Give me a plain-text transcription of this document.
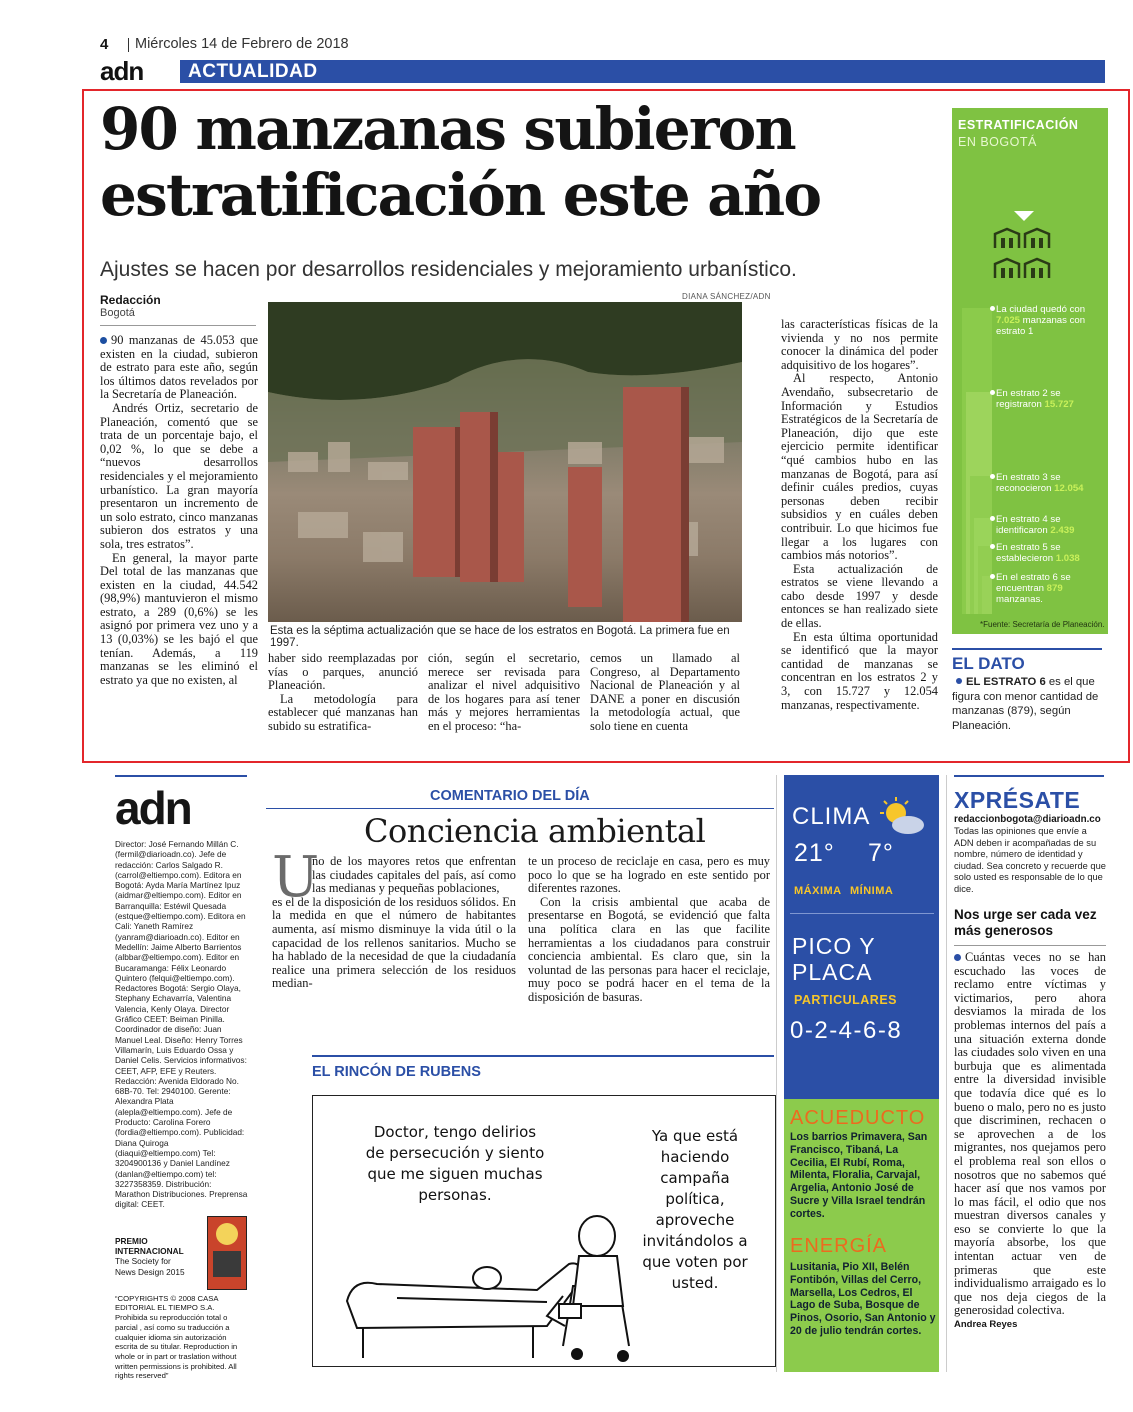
4 Miércoles 14 de Febrero de 2018
adn	ACTUALIDAD
90 manzanas subieron
estratificación este año
Ajustes se hacen por desarrollos residenciales y mejoramiento urbanístico.
Redacción
Bogotá

90 manzanas de 45.053 que existen en la ciudad, subieron de estrato para este año, según los últimos datos revelados por la Secretaría de Planeación.

Andrés Ortiz, secretario de Planeación, comentó que se trata de un porcentaje bajo, el 0,02 %, lo que se debe a “nuevos desarrollos residenciales y el mejoramiento urbanístico. La gran mayoría presentaron un incremento de un solo estrato, cinco manzanas subieron dos estratos y una sola, tres estratos”.

En general, la mayor parte Del total de las manzanas que existen en la ciudad, 44.542 (98,9%) mantuvieron el mismo estrato, a 289 (0,6%) se les asignó por primera vez uno y a 13 (0,03%) se les bajó el que tenían. Además, a 119 manzanas se les eliminó el estrato ya que no existen, al

DIANA SÁNCHEZ/ADN
Esta es la séptima actualización que se hace de los estratos en Bogotá. La primera fue en 1997.

haber sido reemplazadas por vías o parques, anunció Planeación.

La metodología para establecer qué manzanas han subido su estratifica-

ción, según el secretario, merece ser revisada para analizar el nivel adquisitivo de los hogares para así tener más y mejores herramientas en el proceso: “ha-

cemos un llamado al Congreso, al Departamento Nacional de Planeación y al DANE a poner en discusión la metodología actual, que solo tiene en cuenta

las características físicas de la vivienda y no nos permite conocer la dinámica del poder adquisitivo de los hogares”.

Al respecto, Antonio Avendaño, subsecretario de Información y Estudios Estratégicos de la Secretaría de Planeación, dijo que este ejercicio permite identificar “qué cambios hubo en las manzanas de Bogotá, para así definir cuáles predios, cuyas personas deben recibir subsidios y en cuáles deben contribuir. Lo que hicimos fue llegar a los lugares con cambios más notorios”.

Esta actualización de estratos se viene llevando a cabo desde 1997 y desde entonces se han realizado siete de ellas.

En esta última oportunidad se identificó que la mayor cantidad de manzanas se concentran en los estratos 2 y 3, con 15.727 y 12.054 manzanas, respectivamente.

ESTRATIFICACIÓN
EN BOGOTÁ
La ciudad quedó con 7.025 manzanas con estrato 1
En estrato 2 se registraron 15.727
En estrato 3 se reconocieron 12.054
En estrato 4 se identificaron 2.439
En estrato 5 se establecieron 1.038
En el estrato 6 se encuentran 879 manzanas.
*Fuente: Secretaría de Planeación.
EL DATO
EL ESTRATO 6 es el que figura con menor cantidad de manzanas (879), según Planeación.
adn
Director: José Fernando Millán C. (fermil@diarioadn.co). Jefe de redacción: Carlos Salgado R. (carrol@eltiempo.com). Editora en Bogotá: Ayda María Martínez Ipuz (aidmar@eltiempo.com). Editor en Barranquilla: Estéwil Quesada (estque@eltiempo.com). Editora en Cali: Yaneth Ramírez (yanram@diarioadn.co). Editor en Medellín: Jaime Alberto Barrientos (albbar@eltiempo.com). Editor en Bucaramanga: Félix Leonardo Quintero (felqui@eltiempo.com). Redactores Bogotá: Sergio Olaya, Stephany Echavarría, Valentina Valencia, Kenly Olaya. Director Gráfico CEET: Beiman Pinilla. Coordinador de diseño: Juan Manuel Leal. Diseño: Henry Torres Villamarín, Luis Eduardo Ossa y Daniel Celis. Servicios informativos: CEET, AFP, EFE y Reuters. Redacción: Avenida Eldorado No. 68B-70. Tel: 2940100. Gerente: Alexandra Plata (alepla@eltiempo.com). Jefe de Producto: Carolina Forero (fordia@eltiempo.com). Publicidad: Diana Quiroga (diaqui@eltiempo.com) Tel: 3204900136 y Daniel Landínez (danlan@eltiempo.com) tel: 3227358359. Distribución: Marathon Distribuciones. Preprensa digital: CEET.
PREMIO
INTERNACIONAL
The Society for
News Design 2015
“COPYRIGHTS © 2008 CASA EDITORIAL EL TIEMPO S.A. Prohibida su reproducción total o parcial , así como su traducción a cualquier idioma sin autorización escrita de su titular. Reproduction in whole or in part or traslation without written permissions is prohibited. All rights reserved”
COMENTARIO DEL DÍA
Conciencia ambiental
U

no de los mayores retos que enfrentan las ciudades capitales del país, así como las medianas y pequeñas poblaciones,

es el de la disposición de los residuos sólidos. En la medida en que el número de habitantes aumenta, así mismo disminuye la vida útil o la capacidad de los rellenos sanitarios. Mucho se ha hablado de la necesidad de que la ciudadanía realice una primera selección de los residuos median-

te un proceso de reciclaje en casa, pero es muy poco lo que se ha logrado en este sentido por diferentes razones.

Con la crisis ambiental que acaba de presentarse en Bogotá, se evidenció que falta una política clara en las que facilite herramientas a los ciudadanos para construir conciencia ambiental. Es claro que, sin la voluntad de las personas para hacer el reciclaje, muy poco se podrá hacer en el tema de la disposición de basuras.

EL RINCÓN DE RUBENS
Doctor, tengo delirios de persecución y siento que me siguen muchas personas.
Ya que está haciendo campaña política, aproveche invitándolos a que voten por usted.
CLIMA
21° 7°
MÁXIMA MÍNIMA
PICO Y
PLACA
PARTICULARES
0-2-4-6-8
ACUEDUCTO
Los barrios Primavera, San Francisco, Tibaná, La Cecilia, El Rubí, Roma, Milenta, Floralia, Carvajal, Argelia, Antonio José de Sucre y Villa Israel tendrán cortes.
ENERGÍA
Lusitania, Pio XII, Belén Fontibón, Villas del Cerro, Marsella, Los Cedros, El Lago de Suba, Bosque de Pinos, Osorio, San Antonio y 20 de julio tendrán cortes.
XPRÉSATE
redaccionbogota@diarioadn.co
Todas las opiniones que envíe a ADN deben ir acompañadas de su nombre, número de identidad y ciudad. Sea concreto y recuerde que solo usted es responsable de lo que dice.
Nos urge ser cada vez más generosos
Cuántas veces no se han escuchado las voces de reclamo entre víctimas y victimarios, pero ahora desviamos la mirada de los problemas internos del país a una situación externa donde las ciudades solo viven en una burbuja que es alimentada entre la diversidad invisible que todavía dice qué es lo bueno o malo, pero no es justo que discriminen, rechacen o se aprovechen a de los migrantes, nos quejamos pero el problema real son ellos o nosotros que no sabemos qué hacer así que nos vamos por lo mas fácil, el odio que nos muestran diversos canales y eso se convierte lo que la mayoría absorbe, los que intentan actuar ven de primeras que este individualismo arraigado es lo que nos deja ciegos de la generosidad colectiva.
Andrea Reyes
